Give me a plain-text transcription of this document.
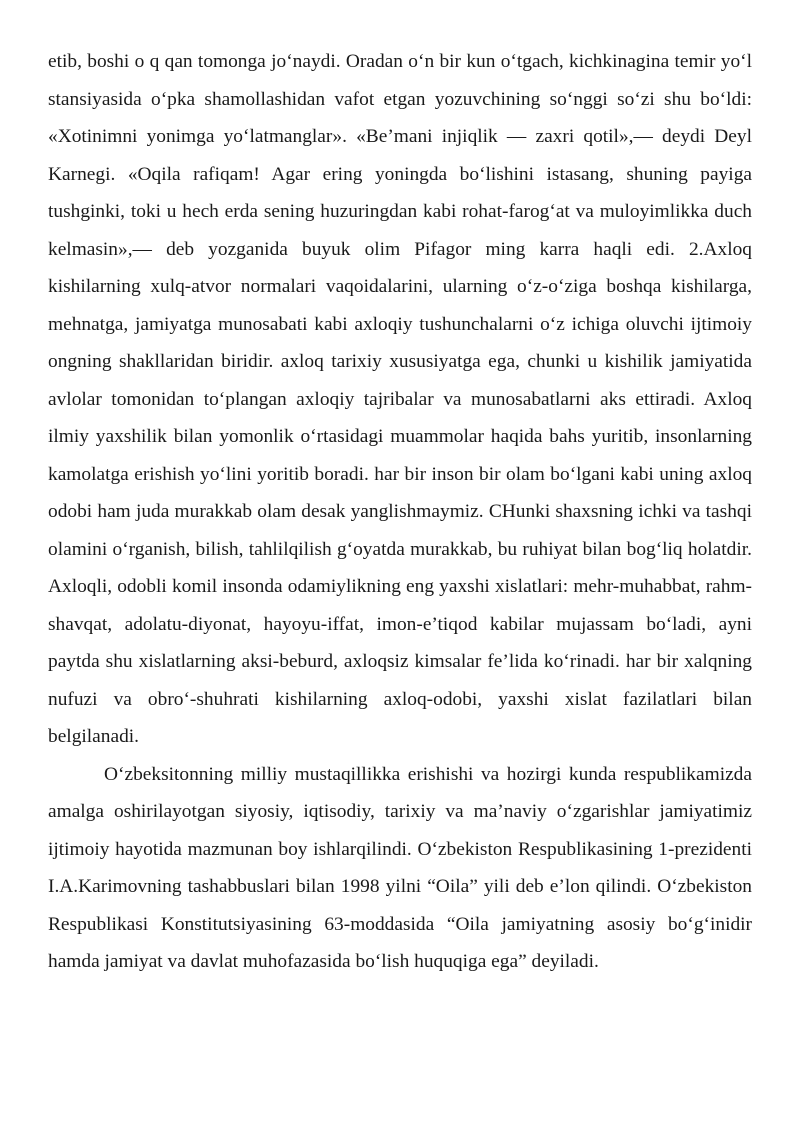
etib, boshi o q qan tomonga jo‘naydi. Oradan o‘n bir kun o‘tgach, kichkinagina temir yo‘l stansiyasida o‘pka shamollashidan vafot etgan yozuvchining so‘nggi so‘zi shu bo‘ldi: «Xotinimni yonimga yo‘latmanglar». «Be’mani injiqlik — zaxri qotil»,— deydi Deyl Karnegi. «Oqila rafiqam! Agar ering yoningda bo‘lishini istasang, shuning payiga tushginki, toki u hech erda sening huzuringdan kabi rohat-farog‘at va muloyimlikka duch kelmasin»,— deb yozganida buyuk olim Pifagor ming karra haqli edi. 2.Axloq kishilarning xulq-atvor normalari vaqoidalarini, ularning o‘z-o‘ziga boshqa kishilarga, mehnatga, jamiyatga munosabati kabi axloqiy tushunchalarni o‘z ichiga oluvchi ijtimoiy ongning shakllaridan biridir. axloq tarixiy xususiyatga ega, chunki u kishilik jamiyatida avlolar tomonidan to‘plangan axloqiy tajribalar va munosabatlarni aks ettiradi. Axloq ilmiy yaxshilik bilan yomonlik o‘rtasidagi muammolar haqida bahs yuritib, insonlarning kamolatga erishish yo‘lini yoritib boradi. har bir inson bir olam bo‘lgani kabi uning axloq odobi ham juda murakkab olam desak yanglishmaymiz. CHunki shaxsning ichki va tashqi olamini o‘rganish, bilish, tahlilqilish g‘oyatda murakkab, bu ruhiyat bilan bog‘liq holatdir. Axloqli, odobli komil insonda odamiylikning eng yaxshi xislatlari: mehr-muhabbat, rahm-shavqat, adolatu-diyonat, hayoyu-iffat, imon-e’tiqod kabilar mujassam bo‘ladi, ayni paytda shu xislatlarning aksi-beburd, axloqsiz kimsalar fe’lida ko‘rinadi. har bir xalqning nufuzi va obro‘-shuhrati kishilarning axloq-odobi, yaxshi xislat fazilatlari bilan belgilanadi.

O‘zbeksitonning milliy mustaqillikka erishishi va hozirgi kunda respublikamizda amalga oshirilayotgan siyosiy, iqtisodiy, tarixiy va ma’naviy o‘zgarishlar jamiyatimiz ijtimoiy hayotida mazmunan boy ishlarqilindi. O‘zbekiston Respublikasining 1-prezidenti I.A.Karimovning tashabbuslari bilan 1998 yilni “Oila” yili deb e’lon qilindi. O‘zbekiston Respublikasi Konstitutsiyasining 63-moddasida “Oila jamiyatning asosiy bo‘g‘inidir hamda jamiyat va davlat muhofazasida bo‘lish huquqiga ega” deyiladi.
